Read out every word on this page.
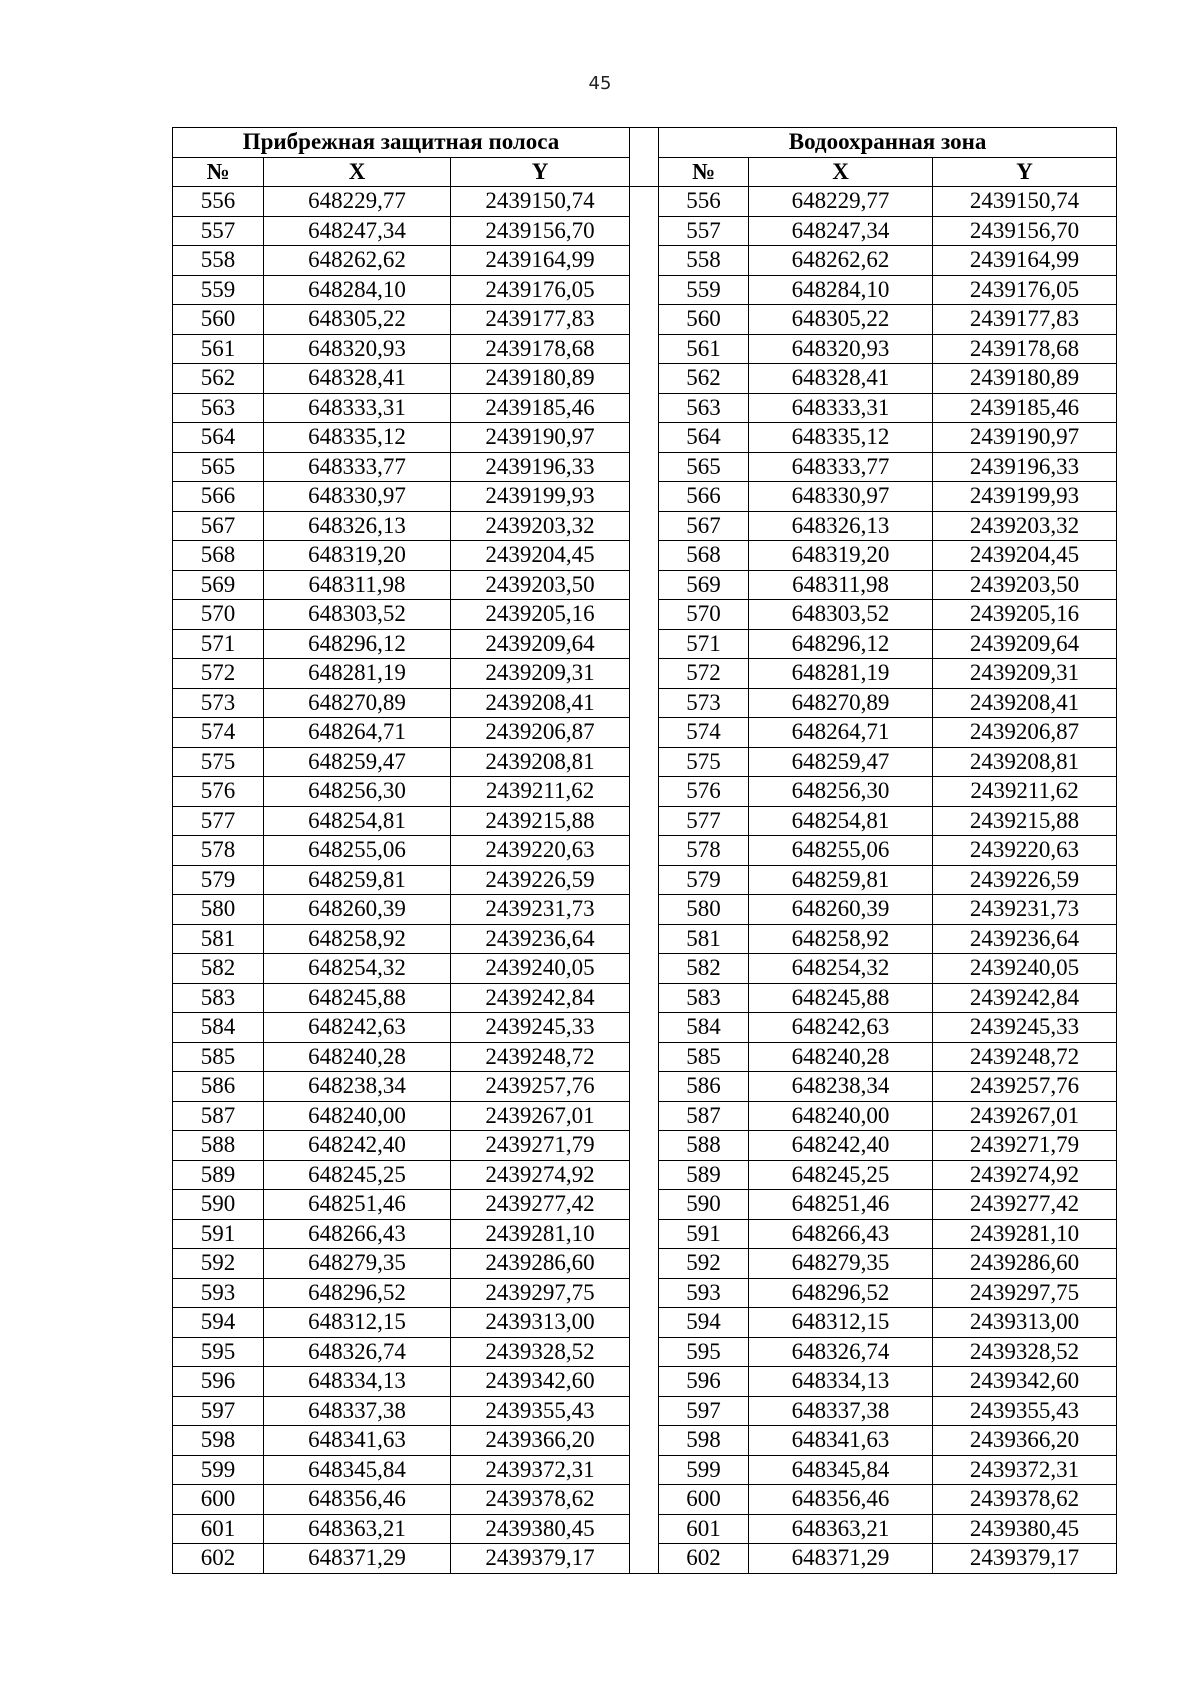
45
Прибрежная защитная полоса				Водоохранная зона		
№	X	Y		№	X	Y
556	648229,77	2439150,74		556	648229,77	2439150,74
557	648247,34	2439156,70		557	648247,34	2439156,70
558	648262,62	2439164,99		558	648262,62	2439164,99
559	648284,10	2439176,05		559	648284,10	2439176,05
560	648305,22	2439177,83		560	648305,22	2439177,83
561	648320,93	2439178,68		561	648320,93	2439178,68
562	648328,41	2439180,89		562	648328,41	2439180,89
563	648333,31	2439185,46		563	648333,31	2439185,46
564	648335,12	2439190,97		564	648335,12	2439190,97
565	648333,77	2439196,33		565	648333,77	2439196,33
566	648330,97	2439199,93		566	648330,97	2439199,93
567	648326,13	2439203,32		567	648326,13	2439203,32
568	648319,20	2439204,45		568	648319,20	2439204,45
569	648311,98	2439203,50		569	648311,98	2439203,50
570	648303,52	2439205,16		570	648303,52	2439205,16
571	648296,12	2439209,64		571	648296,12	2439209,64
572	648281,19	2439209,31		572	648281,19	2439209,31
573	648270,89	2439208,41		573	648270,89	2439208,41
574	648264,71	2439206,87		574	648264,71	2439206,87
575	648259,47	2439208,81		575	648259,47	2439208,81
576	648256,30	2439211,62		576	648256,30	2439211,62
577	648254,81	2439215,88		577	648254,81	2439215,88
578	648255,06	2439220,63		578	648255,06	2439220,63
579	648259,81	2439226,59		579	648259,81	2439226,59
580	648260,39	2439231,73		580	648260,39	2439231,73
581	648258,92	2439236,64		581	648258,92	2439236,64
582	648254,32	2439240,05		582	648254,32	2439240,05
583	648245,88	2439242,84		583	648245,88	2439242,84
584	648242,63	2439245,33		584	648242,63	2439245,33
585	648240,28	2439248,72		585	648240,28	2439248,72
586	648238,34	2439257,76		586	648238,34	2439257,76
587	648240,00	2439267,01		587	648240,00	2439267,01
588	648242,40	2439271,79		588	648242,40	2439271,79
589	648245,25	2439274,92		589	648245,25	2439274,92
590	648251,46	2439277,42		590	648251,46	2439277,42
591	648266,43	2439281,10		591	648266,43	2439281,10
592	648279,35	2439286,60		592	648279,35	2439286,60
593	648296,52	2439297,75		593	648296,52	2439297,75
594	648312,15	2439313,00		594	648312,15	2439313,00
595	648326,74	2439328,52		595	648326,74	2439328,52
596	648334,13	2439342,60		596	648334,13	2439342,60
597	648337,38	2439355,43		597	648337,38	2439355,43
598	648341,63	2439366,20		598	648341,63	2439366,20
599	648345,84	2439372,31		599	648345,84	2439372,31
600	648356,46	2439378,62		600	648356,46	2439378,62
601	648363,21	2439380,45		601	648363,21	2439380,45
602	648371,29	2439379,17		602	648371,29	2439379,17
